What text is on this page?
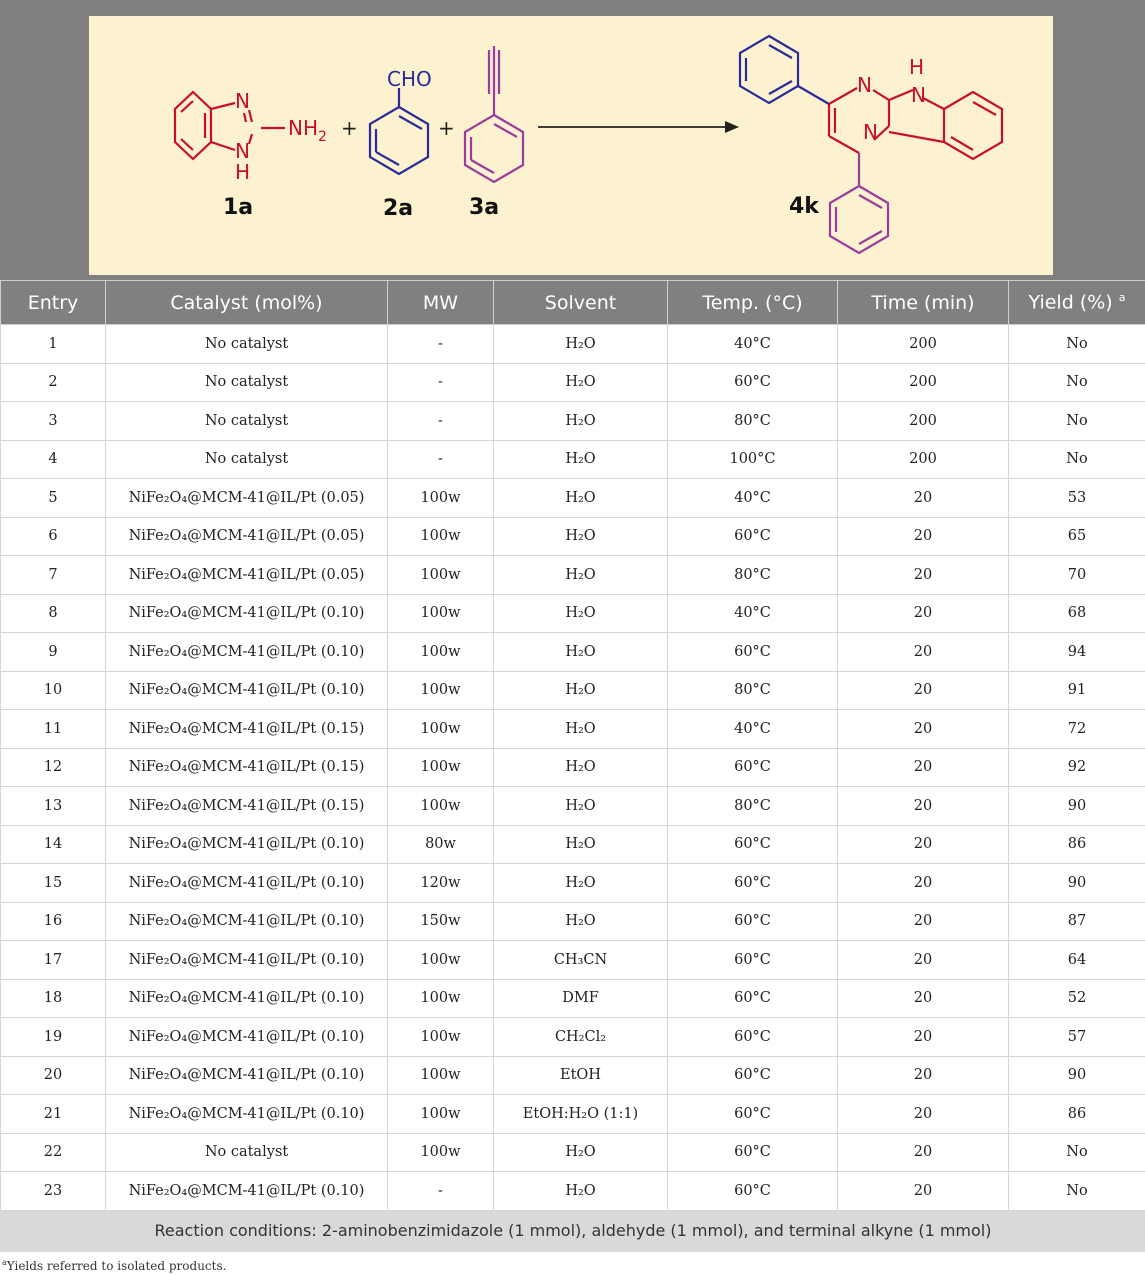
N
N
H
$NH_2$ +
CHO
+
N
N
H
N
1a	2a	3a	4k
Entry	Catalyst (mol%)	MW	Solvent	Temp. (°C)	Time (min)	Yield (%) $^a$
1	No catalyst	-	H₂O	40°C	200	No
2	No catalyst	-	H₂O	60°C	200	No
3	No catalyst	-	H₂O	80°C	200	No
4	No catalyst	-	H₂O	100°C	200	No
5	NiFe₂O₄@MCM-41@IL/Pt (0.05)	100w	H₂O	40°C	20	53
6	NiFe₂O₄@MCM-41@IL/Pt (0.05)	100w	H₂O	60°C	20	65
7	NiFe₂O₄@MCM-41@IL/Pt (0.05)	100w	H₂O	80°C	20	70
8	NiFe₂O₄@MCM-41@IL/Pt (0.10)	100w	H₂O	40°C	20	68
9	NiFe₂O₄@MCM-41@IL/Pt (0.10)	100w	H₂O	60°C	20	94
10	NiFe₂O₄@MCM-41@IL/Pt (0.10)	100w	H₂O	80°C	20	91
11	NiFe₂O₄@MCM-41@IL/Pt (0.15)	100w	H₂O	40°C	20	72
12	NiFe₂O₄@MCM-41@IL/Pt (0.15)	100w	H₂O	60°C	20	92
13	NiFe₂O₄@MCM-41@IL/Pt (0.15)	100w	H₂O	80°C	20	90
14	NiFe₂O₄@MCM-41@IL/Pt (0.10)	80w	H₂O	60°C	20	86
15	NiFe₂O₄@MCM-41@IL/Pt (0.10)	120w	H₂O	60°C	20	90
16	NiFe₂O₄@MCM-41@IL/Pt (0.10)	150w	H₂O	60°C	20	87
17	NiFe₂O₄@MCM-41@IL/Pt (0.10)	100w	CH₃CN	60°C	20	64
18	NiFe₂O₄@MCM-41@IL/Pt (0.10)	100w	DMF	60°C	20	52
19	NiFe₂O₄@MCM-41@IL/Pt (0.10)	100w	CH₂Cl₂	60°C	20	57
20	NiFe₂O₄@MCM-41@IL/Pt (0.10)	100w	EtOH	60°C	20	90
21	NiFe₂O₄@MCM-41@IL/Pt (0.10)	100w	EtOH:H₂O (1:1)	60°C	20	86
22	No catalyst	100w	H₂O	60°C	20	No
23	NiFe₂O₄@MCM-41@IL/Pt (0.10)	-	H₂O	60°C	20	No
Reaction conditions: 2-aminobenzimidazole (1 mmol), aldehyde (1 mmol), and terminal alkyne (1 mmol)						
$^a$Yields referred to isolated products.
